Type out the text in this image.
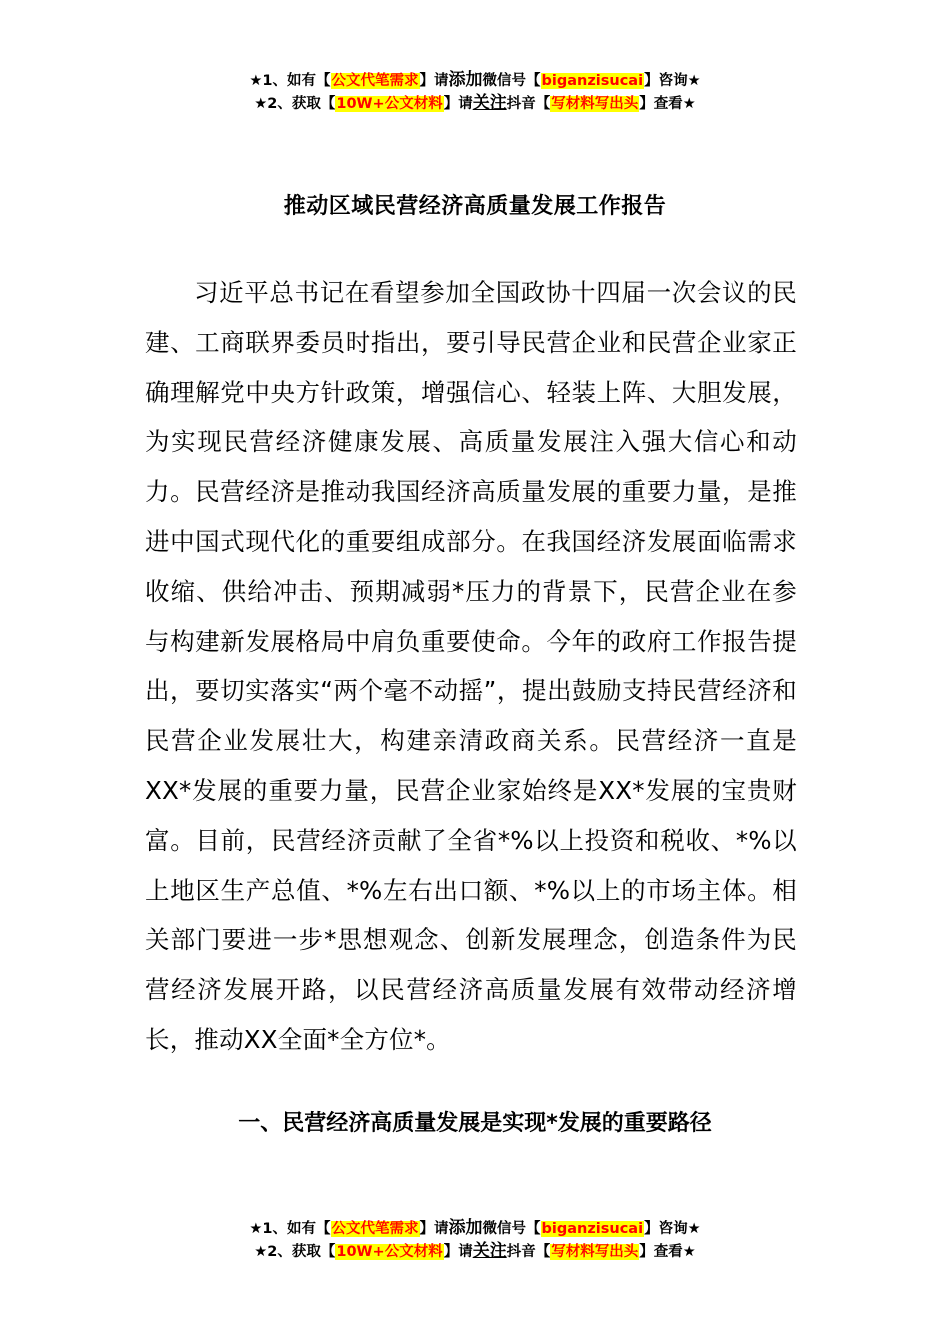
★1、如有【公文代笔需求】请添加微信号【biganzisucai】咨询★
★2、获取【10W+公文材料】请关注抖音【写材料写出头】查看★
推动区域民营经济高质量发展工作报告

习近平总书记在看望参加全国政协十四届一次会议的民建、工商联界委员时指出，要引导民营企业和民营企业家正确理解党中央方针政策，增强信心、轻装上阵、大胆发展，为实现民营经济健康发展、高质量发展注入强大信心和动力。民营经济是推动我国经济高质量发展的重要力量，是推进中国式现代化的重要组成部分。在我国经济发展面临需求收缩、供给冲击、预期减弱*压力的背景下，民营企业在参与构建新发展格局中肩负重要使命。今年的政府工作报告提出，要切实落实“两个毫不动摇”，提出鼓励支持民营经济和民营企业发展壮大，构建亲清政商关系。民营经济一直是XX*发展的重要力量，民营企业家始终是XX*发展的宝贵财富。目前，民营经济贡献了全省*%以上投资和税收、*%以上地区生产总值、*%左右出口额、*%以上的市场主体。相关部门要进一步*思想观念、创新发展理念，创造条件为民营经济发展开路，以民营经济高质量发展有效带动经济增长，推动XX全面*全方位*。

一、民营经济高质量发展是实现*发展的重要路径
★1、如有【公文代笔需求】请添加微信号【biganzisucai】咨询★
★2、获取【10W+公文材料】请关注抖音【写材料写出头】查看★
